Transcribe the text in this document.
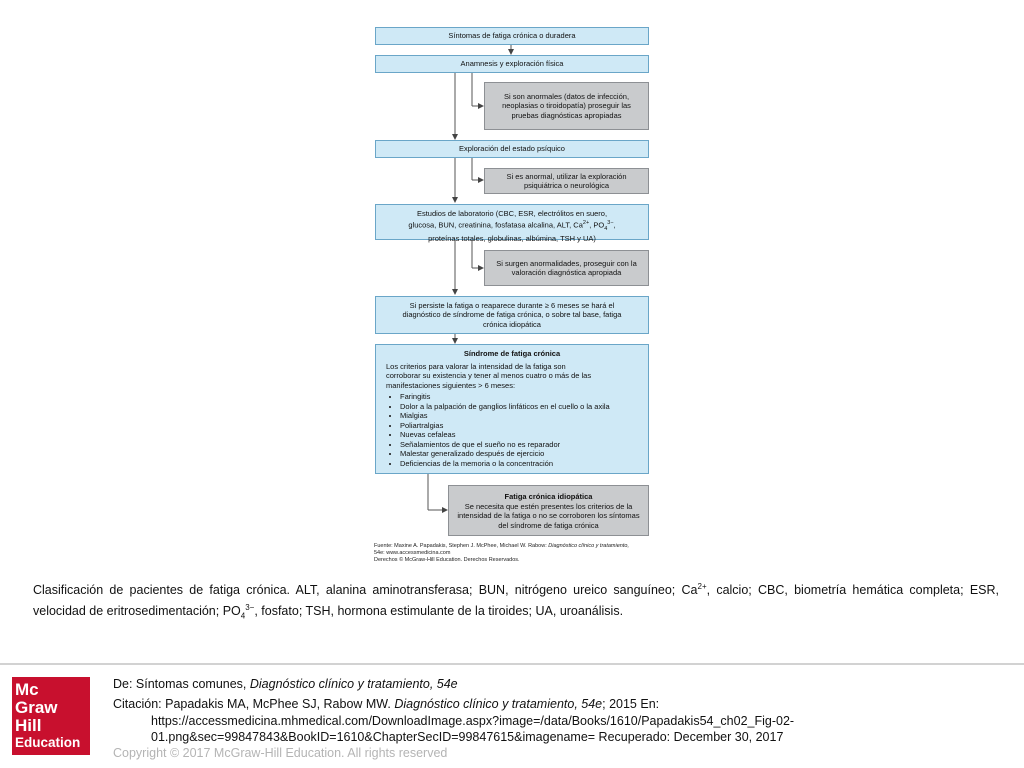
Síntomas de fatiga crónica o duradera
Anamnesis y exploración física
Si son anormales (datos de infección, neoplasias o tiroidopatía) proseguir las pruebas diagnósticas apropiadas
Exploración del estado psíquico
Si es anormal, utilizar la exploración psiquiátrica o neurológica
Estudios de laboratorio (CBC, ESR, electrólitos en suero,
glucosa, BUN, creatinina, fosfatasa alcalina, ALT, $Ca^{2+}$, $PO_4^{3-}$,
proteínas totales, globulinas, albúmina, TSH y UA)
Si surgen anormalidades, proseguir con la valoración diagnóstica apropiada
Si persiste la fatiga o reaparece durante ≥ 6 meses se hará el diagnóstico de síndrome de fatiga crónica, o sobre tal base, fatiga crónica idiopática
Síndrome de fatiga crónica
Los criterios para valorar la intensidad de la fatiga son corroborar su existencia y tener al menos cuatro o más de las manifestaciones siguientes > 6 meses:
• Faringitis
• Dolor a la palpación de ganglios linfáticos en el cuello o la axila
• Mialgias
• Poliartralgias
• Nuevas cefaleas
• Señalamientos de que el sueño no es reparador
• Malestar generalizado después de ejercicio
• Deficiencias de la memoria o la concentración
Fatiga crónica idiopática
Se necesita que estén presentes los criterios de la intensidad de la fatiga o no se corroboren los síntomas del síndrome de fatiga crónica
Fuente: Maxine A. Papadakis, Stephen J. McPhee, Michael W. Rabow: Diagnóstico clínico y tratamiento,
54e: www.accessmedicina.com
Derechos © McGraw-Hill Education. Derechos Reservados.
Clasificación de pacientes de fatiga crónica. ALT, alanina aminotransferasa; BUN, nitrógeno ureico sanguíneo; $Ca^{2+}$, calcio; CBC, biometría hemática completa; ESR, velocidad de eritrosedimentación; $PO_4^{3-}$, fosfato; TSH, hormona estimulante de la tiroides; UA, uroanálisis.
Mc
Graw
Hill
Education
De: Síntomas comunes, Diagnóstico clínico y tratamiento, 54e
Citación: Papadakis MA, McPhee SJ, Rabow MW. Diagnóstico clínico y tratamiento, 54e; 2015 En:
https://accessmedicina.mhmedical.com/DownloadImage.aspx?image=/data/Books/1610/Papadakis54_ch02_Fig-02-
01.png&sec=99847843&BookID=1610&ChapterSecID=99847615&imagename= Recuperado: December 30, 2017
Copyright © 2017 McGraw-Hill Education. All rights reserved
